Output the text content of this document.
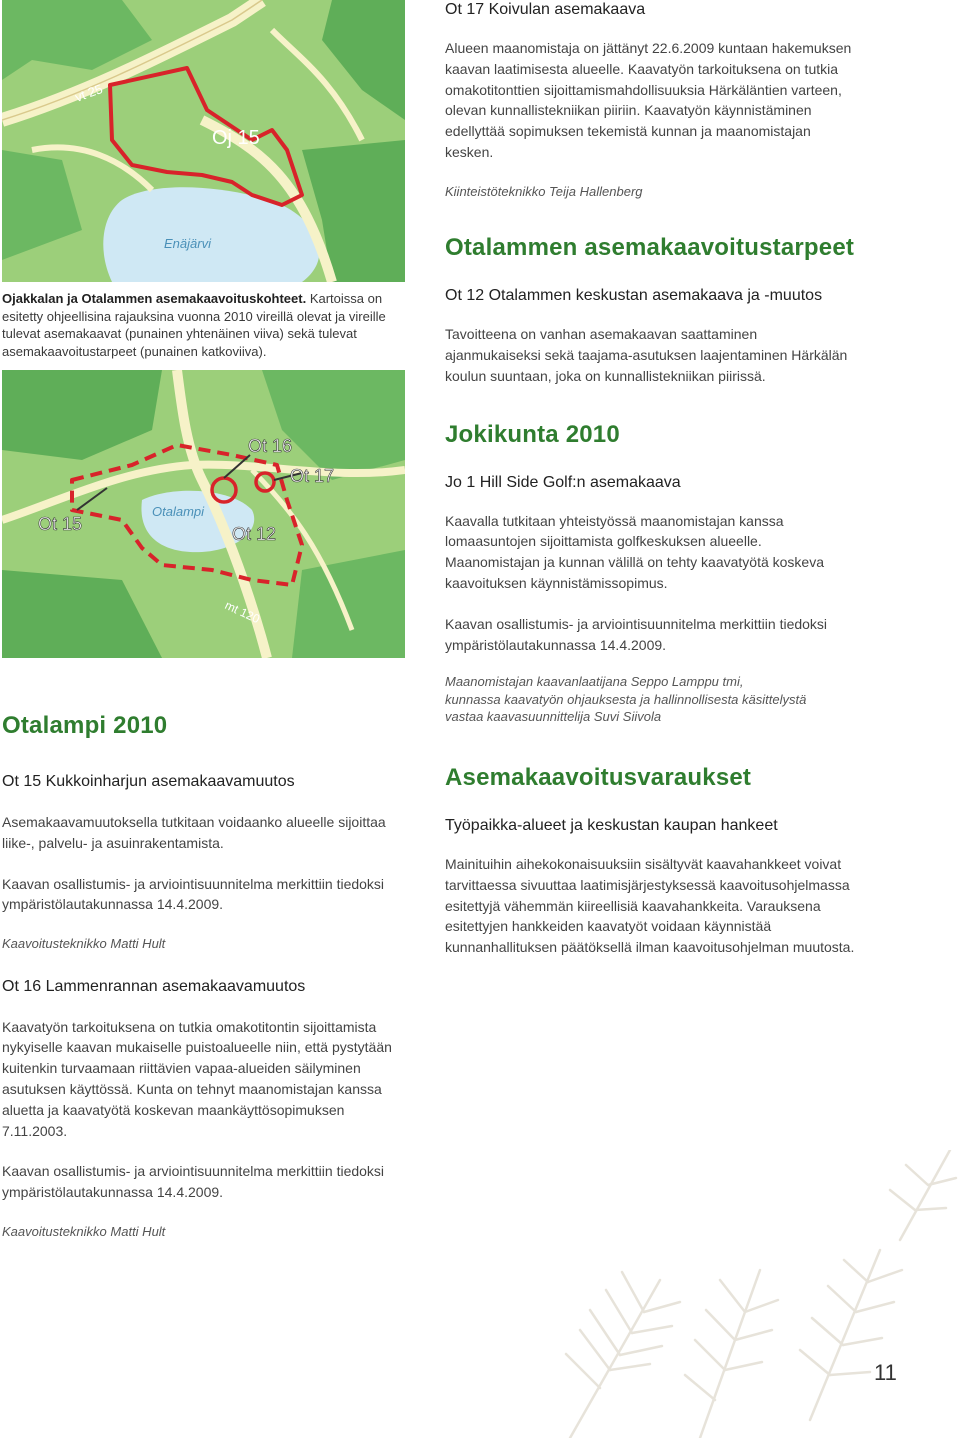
vt 25
Oj 15
Enäjärvi

Ojakkalan ja Otalammen asemakaavoituskohteet. Kartoissa on esitetty ohjeellisina rajauksina vuonna 2010 vireillä olevat ja vireille tulevat asemakaavat (punainen yhtenäinen viiva) sekä tulevat asemakaavoitustarpeet (punainen katkoviiva).

Ot 16
Ot 17
Ot 15
Otalampi
Ot 12
mt 120
Ot 17 Koivulan asemakaava

Alueen maanomistaja on jättänyt 22.6.2009 kuntaan hakemuksen kaavan laatimisesta alueelle. Kaavatyön tarkoituksena on tutkia omakotitonttien sijoittamismahdollisuuksia Härkäläntien varteen, olevan kunnallistekniikan piiriin. Kaavatyön käynnistäminen edellyttää sopimuksen tekemistä kunnan ja maanomistajan kesken.

Kiinteistöteknikko Teija Hallenberg

Otalammen asemakaavoitustarpeet
Ot 12 Otalammen keskustan asemakaava ja -muutos

Tavoitteena on vanhan asemakaavan saattaminen ajanmukaiseksi sekä taajama-asutuksen laajentaminen Härkälän koulun suuntaan, joka on kunnallistekniikan piirissä.

Jokikunta 2010
Jo 1 Hill Side Golf:n asemakaava

Kaavalla tutkitaan yhteistyössä maanomistajan kanssa lomaasuntojen sijoittamista golfkeskuksen alueelle. Maanomistajan ja kunnan välillä on tehty kaavatyötä koskeva kaavoituksen käynnistämissopimus.

Kaavan osallistumis- ja arviointisuunnitelma merkittiin tiedoksi ympäristölautakunnassa 14.4.2009.

Maanomistajan kaavanlaatijana Seppo Lamppu tmi,

kunnassa kaavatyön ohjauksesta ja hallinnollisesta käsittelystä

vastaa kaavasuunnittelija Suvi Siivola

Asemakaavoitusvaraukset
Työpaikka-alueet ja keskustan kaupan hankeet

Mainituihin aihekokonaisuuksiin sisältyvät kaavahankkeet voivat tarvittaessa sivuuttaa laatimisjärjestyksessä kaavoitusohjelmassa esitettyjä vähemmän kiireellisiä kaavahankkeita. Varauksena esitettyjen hankkeiden kaavatyöt voidaan käynnistää kunnanhallituksen päätöksellä ilman kaavoitusohjelman muutosta.

Otalampi 2010
Ot 15 Kukkoinharjun asemakaavamuutos

Asemakaavamuutoksella tutkitaan voidaanko alueelle sijoittaa liike-, palvelu- ja asuinrakentamista.

Kaavan osallistumis- ja arviointisuunnitelma merkittiin tiedoksi ympäristölautakunnassa 14.4.2009.

Kaavoitusteknikko Matti Hult

Ot 16 Lammenrannan asemakaavamuutos

Kaavatyön tarkoituksena on tutkia omakotitontin sijoittamista nykyiselle kaavan mukaiselle puistoalueelle niin, että pystytään kuitenkin turvaamaan riittävien vapaa-alueiden säilyminen asutuksen käyttössä. Kunta on tehnyt maanomistajan kanssa aluetta ja kaavatyötä koskevan maankäyttösopimuksen 7.11.2003.

Kaavan osallistumis- ja arviointisuunnitelma merkittiin tiedoksi ympäristölautakunnassa 14.4.2009.

Kaavoitusteknikko Matti Hult

11
